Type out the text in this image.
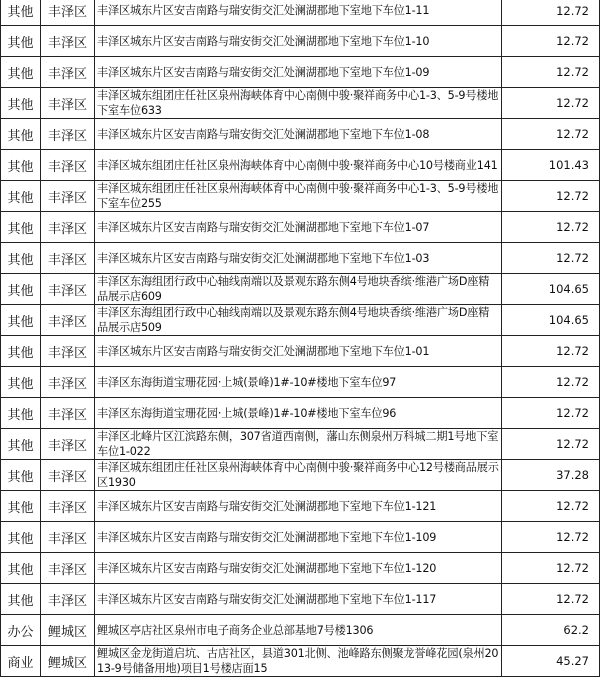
其他	丰泽区	丰泽区城东片区安吉南路与瑞安街交汇处澜湖郡地下室地下车位1-11	12.72
其他	丰泽区	丰泽区城东片区安吉南路与瑞安街交汇处澜湖郡地下室地下车位1-10	12.72
其他	丰泽区	丰泽区城东片区安吉南路与瑞安街交汇处澜湖郡地下室地下车位1-09	12.72
其他	丰泽区	丰泽区城东组团庄任社区泉州海峡体育中心南侧中骏·聚祥商务中心1-3、5-9号楼地下室车位633	12.72
其他	丰泽区	丰泽区城东片区安吉南路与瑞安街交汇处澜湖郡地下室地下车位1-08	12.72
其他	丰泽区	丰泽区城东组团庄任社区泉州海峡体育中心南侧中骏·聚祥商务中心10号楼商业141	101.43
其他	丰泽区	丰泽区城东组团庄任社区泉州海峡体育中心南侧中骏·聚祥商务中心1-3、5-9号楼地下室车位255	12.72
其他	丰泽区	丰泽区城东片区安吉南路与瑞安街交汇处澜湖郡地下室地下车位1-07	12.72
其他	丰泽区	丰泽区城东片区安吉南路与瑞安街交汇处澜湖郡地下室地下车位1-03	12.72
其他	丰泽区	丰泽区东海组团行政中心轴线南端以及景观东路东侧4号地块香缤·维港广场D座精品展示店609	104.65
其他	丰泽区	丰泽区东海组团行政中心轴线南端以及景观东路东侧4号地块香缤·维港广场D座精品展示店509	104.65
其他	丰泽区	丰泽区城东片区安吉南路与瑞安街交汇处澜湖郡地下室地下车位1-01	12.72
其他	丰泽区	丰泽区东海街道宝珊花园·上城(景峰)1#-10#楼地下室车位97	12.72
其他	丰泽区	丰泽区东海街道宝珊花园·上城(景峰)1#-10#楼地下室车位96	12.72
其他	丰泽区	丰泽区北峰片区江滨路东侧，307省道西南侧，藩山东侧泉州万科城二期1号地下室车位1-022	12.72
其他	丰泽区	丰泽区城东组团庄任社区泉州海峡体育中心南侧中骏·聚祥商务中心12号楼商品展示区1930	37.28
其他	丰泽区	丰泽区城东片区安吉南路与瑞安街交汇处澜湖郡地下室地下车位1-121	12.72
其他	丰泽区	丰泽区城东片区安吉南路与瑞安街交汇处澜湖郡地下室地下车位1-109	12.72
其他	丰泽区	丰泽区城东片区安吉南路与瑞安街交汇处澜湖郡地下室地下车位1-120	12.72
其他	丰泽区	丰泽区城东片区安吉南路与瑞安街交汇处澜湖郡地下室地下车位1-117	12.72
办公	鲤城区	鲤城区亭店社区泉州市电子商务企业总部基地7号楼1306	62.2
商业	鲤城区	鲤城区金龙街道启坑、古店社区，县道301北侧、池峰路东侧聚龙誉峰花园(泉州2013-9号储备用地)项目1号楼店面15	45.27
